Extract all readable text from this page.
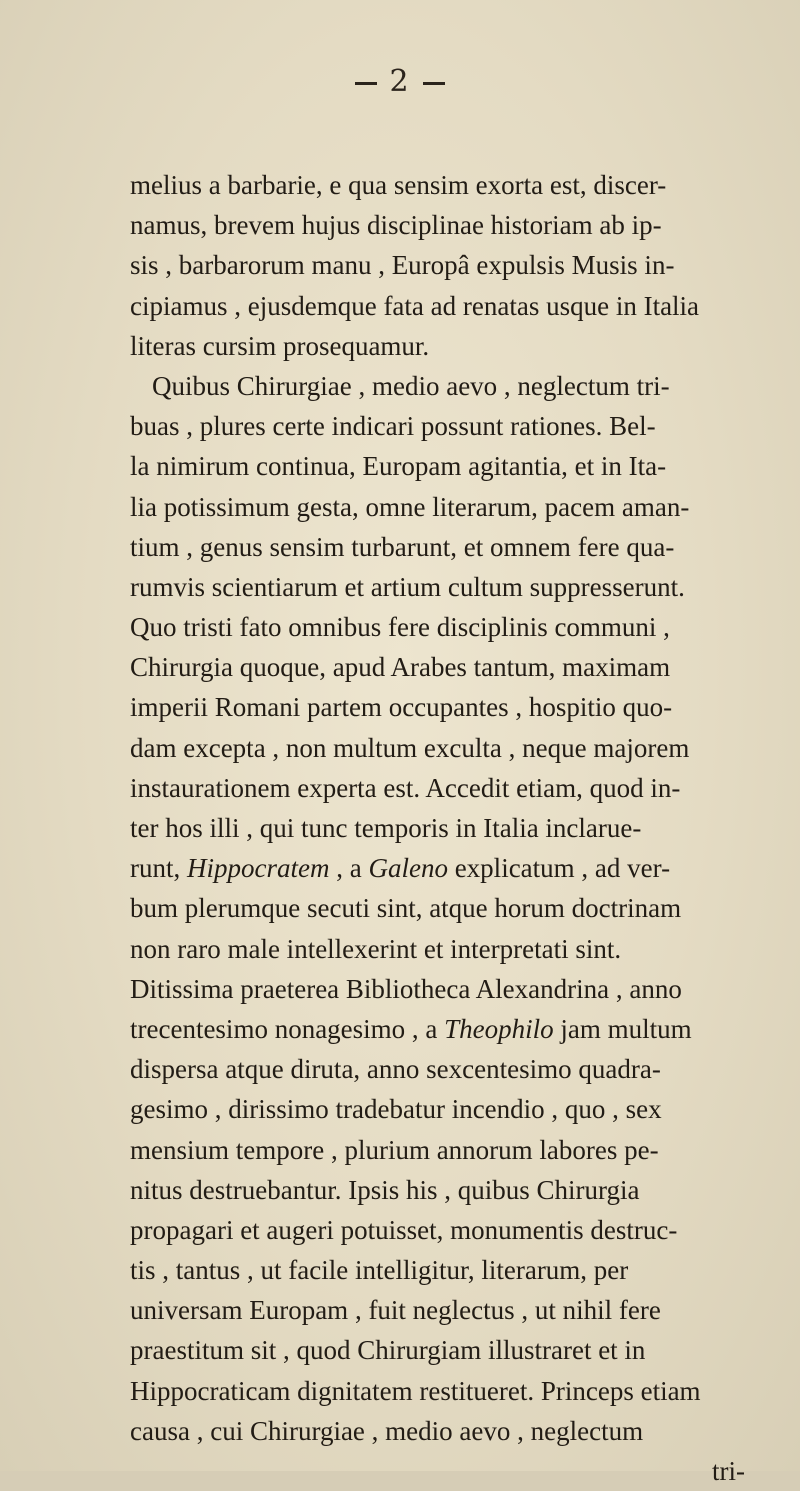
2
melius a barbarie, e qua sensim exorta est, discer-
namus, brevem hujus disciplinae historiam ab ip-
sis , barbarorum manu , Europâ expulsis Musis in-
cipiamus , ejusdemque fata ad renatas usque in Italia
literas cursim prosequamur.
Quibus Chirurgiae , medio aevo , neglectum tri-
buas , plures certe indicari possunt rationes. Bel-
la nimirum continua, Europam agitantia, et in Ita-
lia potissimum gesta, omne literarum, pacem aman-
tium , genus sensim turbarunt, et omnem fere qua-
rumvis scientiarum et artium cultum suppresserunt.
Quo tristi fato omnibus fere disciplinis communi ,
Chirurgia quoque, apud Arabes tantum, maximam
imperii Romani partem occupantes , hospitio quo-
dam excepta , non multum exculta , neque majorem
instaurationem experta est. Accedit etiam, quod in-
ter hos illi , qui tunc temporis in Italia inclarue-
runt, Hippocratem , a Galeno explicatum , ad ver-
bum plerumque secuti sint, atque horum doctrinam
non raro male intellexerint et interpretati sint.
Ditissima praeterea Bibliotheca Alexandrina , anno
trecentesimo nonagesimo , a Theophilo jam multum
dispersa atque diruta, anno sexcentesimo quadra-
gesimo , dirissimo tradebatur incendio , quo , sex
mensium tempore , plurium annorum labores pe-
nitus destruebantur. Ipsis his , quibus Chirurgia
propagari et augeri potuisset, monumentis destruc-
tis , tantus , ut facile intelligitur, literarum, per
universam Europam , fuit neglectus , ut nihil fere
praestitum sit , quod Chirurgiam illustraret et in
Hippocraticam dignitatem restitueret. Princeps etiam
causa , cui Chirurgiae , medio aevo , neglectum
tri-
